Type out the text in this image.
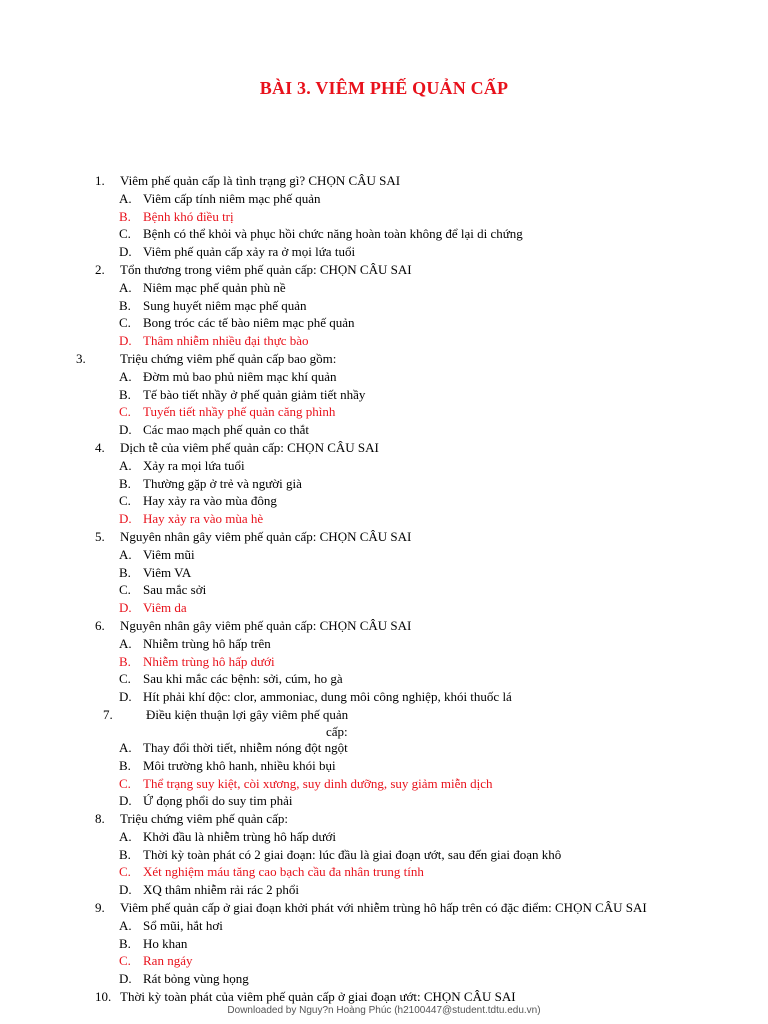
BÀI 3. VIÊM PHẾ QUẢN CẤP
1. Viêm phế quản cấp là tình trạng gì? CHỌN CÂU SAI
A. Viêm cấp tính niêm mạc phế quản
B. Bệnh khó điều trị
C. Bệnh có thể khỏi và phục hồi chức năng hoàn toàn không để lại di chứng
D. Viêm phế quản cấp xảy ra ở mọi lứa tuổi
2. Tổn thương trong viêm phế quản cấp: CHỌN CÂU SAI
A. Niêm mạc phế quản phù nề
B. Sung huyết niêm mạc phế quản
C. Bong tróc các tế bào niêm mạc phế quản
D. Thâm nhiễm nhiều đại thực bào
3.	Triệu chứng viêm phế quản cấp bao gồm:
A. Đờm mủ bao phủ niêm mạc khí quản
B. Tế bào tiết nhầy ở phế quản giảm tiết nhầy
C. Tuyến tiết nhầy phế quản căng phình
D. Các mao mạch phế quản co thắt
4. Dịch tễ của viêm phế quản cấp: CHỌN CÂU SAI
A. Xảy ra mọi lứa tuổi
B. Thường gặp ở trẻ và người già
C. Hay xảy ra vào mùa đông
D. Hay xảy ra vào mùa hè
5. Nguyên nhân gây viêm phế quản cấp: CHỌN CÂU SAI
A. Viêm mũi
B. Viêm VA
C. Sau mắc sởi
D. Viêm da
6. Nguyên nhân gây viêm phế quản cấp: CHỌN CÂU SAI
A. Nhiễm trùng hô hấp trên
B. Nhiễm trùng hô hấp dưới
C. Sau khi mắc các bệnh: sởi, cúm, ho gà
D. Hít phải khí độc: clor, ammoniac, dung môi công nghiệp, khói thuốc lá
7.	Điều kiện thuận lợi gây viêm phế quản
cấp:
A. Thay đổi thời tiết, nhiễm nóng đột ngột
B. Môi trường khô hanh, nhiều khói bụi
C. Thể trạng suy kiệt, còi xương, suy dinh dưỡng, suy giảm miễn dịch
D. Ứ đọng phổi do suy tim phải
8. Triệu chứng viêm phế quản cấp:
A. Khởi đầu là nhiễm trùng hô hấp dưới
B. Thời kỳ toàn phát có 2 giai đoạn: lúc đầu là giai đoạn ướt, sau đến giai đoạn khô
C. Xét nghiệm máu tăng cao bạch cầu đa nhân trung tính
D. XQ thâm nhiễm rải rác 2 phổi
9. Viêm phế quản cấp ở giai đoạn khởi phát với nhiễm trùng hô hấp trên có đặc điểm: CHỌN CÂU SAI
A. Sổ mũi, hắt hơi
B. Ho khan
C. Ran ngáy
D. Rát bỏng vùng họng
10. Thời kỳ toàn phát của viêm phế quản cấp ở giai đoạn ướt: CHỌN CÂU SAI
Downloaded by Nguy?n Hoàng Phúc (h2100447@student.tdtu.edu.vn)
